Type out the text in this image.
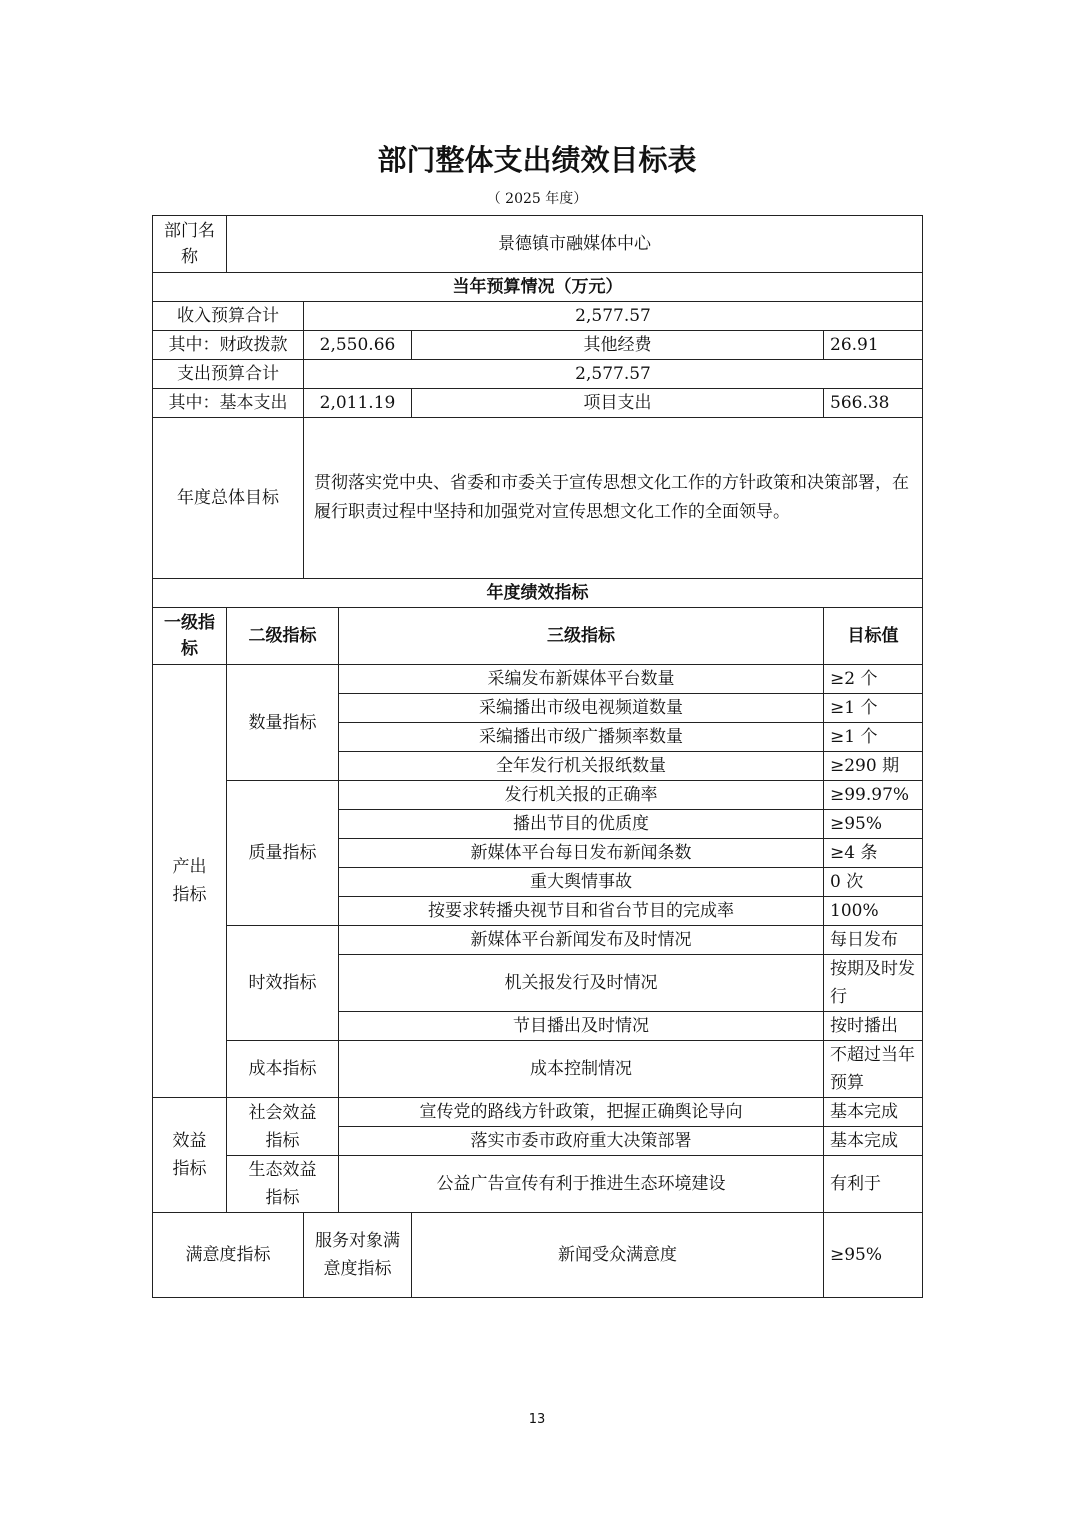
部门整体支出绩效目标表
（ 2025 年度）
部门名称	景德镇市融媒体中心				
当年预算情况（万元）					
收入预算合计		2,577.57			
其中：财政拨款		2,550.66		其他经费	26.91
支出预算合计		2,577.57			
其中：基本支出		2,011.19		项目支出	566.38
年度总体目标		贯彻落实党中央、省委和市委关于宣传思想文化工作的方针政策和决策部署，在履行职责过程中坚持和加强党对宣传思想文化工作的全面领导。			
年度绩效指标					
一级指标	二级指标		三级指标		目标值
产出指标	数量指标		采编发布新媒体平台数量		≥2 个
			采编播出市级电视频道数量		≥1 个
			采编播出市级广播频率数量		≥1 个
			全年发行机关报纸数量		≥290 期
	质量指标		发行机关报的正确率		≥99.97%
			播出节目的优质度		≥95%
			新媒体平台每日发布新闻条数		≥4 条
			重大舆情事故		0 次
			按要求转播央视节目和省台节目的完成率		100%
	时效指标		新媒体平台新闻发布及时情况		每日发布
			机关报发行及时情况		按期及时发行
			节目播出及时情况		按时播出
	成本指标		成本控制情况		不超过当年预算
效益指标	社会效益指标		宣传党的路线方针政策，把握正确舆论导向		基本完成
			落实市委市政府重大决策部署		基本完成
	生态效益指标		公益广告宣传有利于推进生态环境建设		有利于
满意度指标		服务对象满意度指标		新闻受众满意度	≥95%
13
